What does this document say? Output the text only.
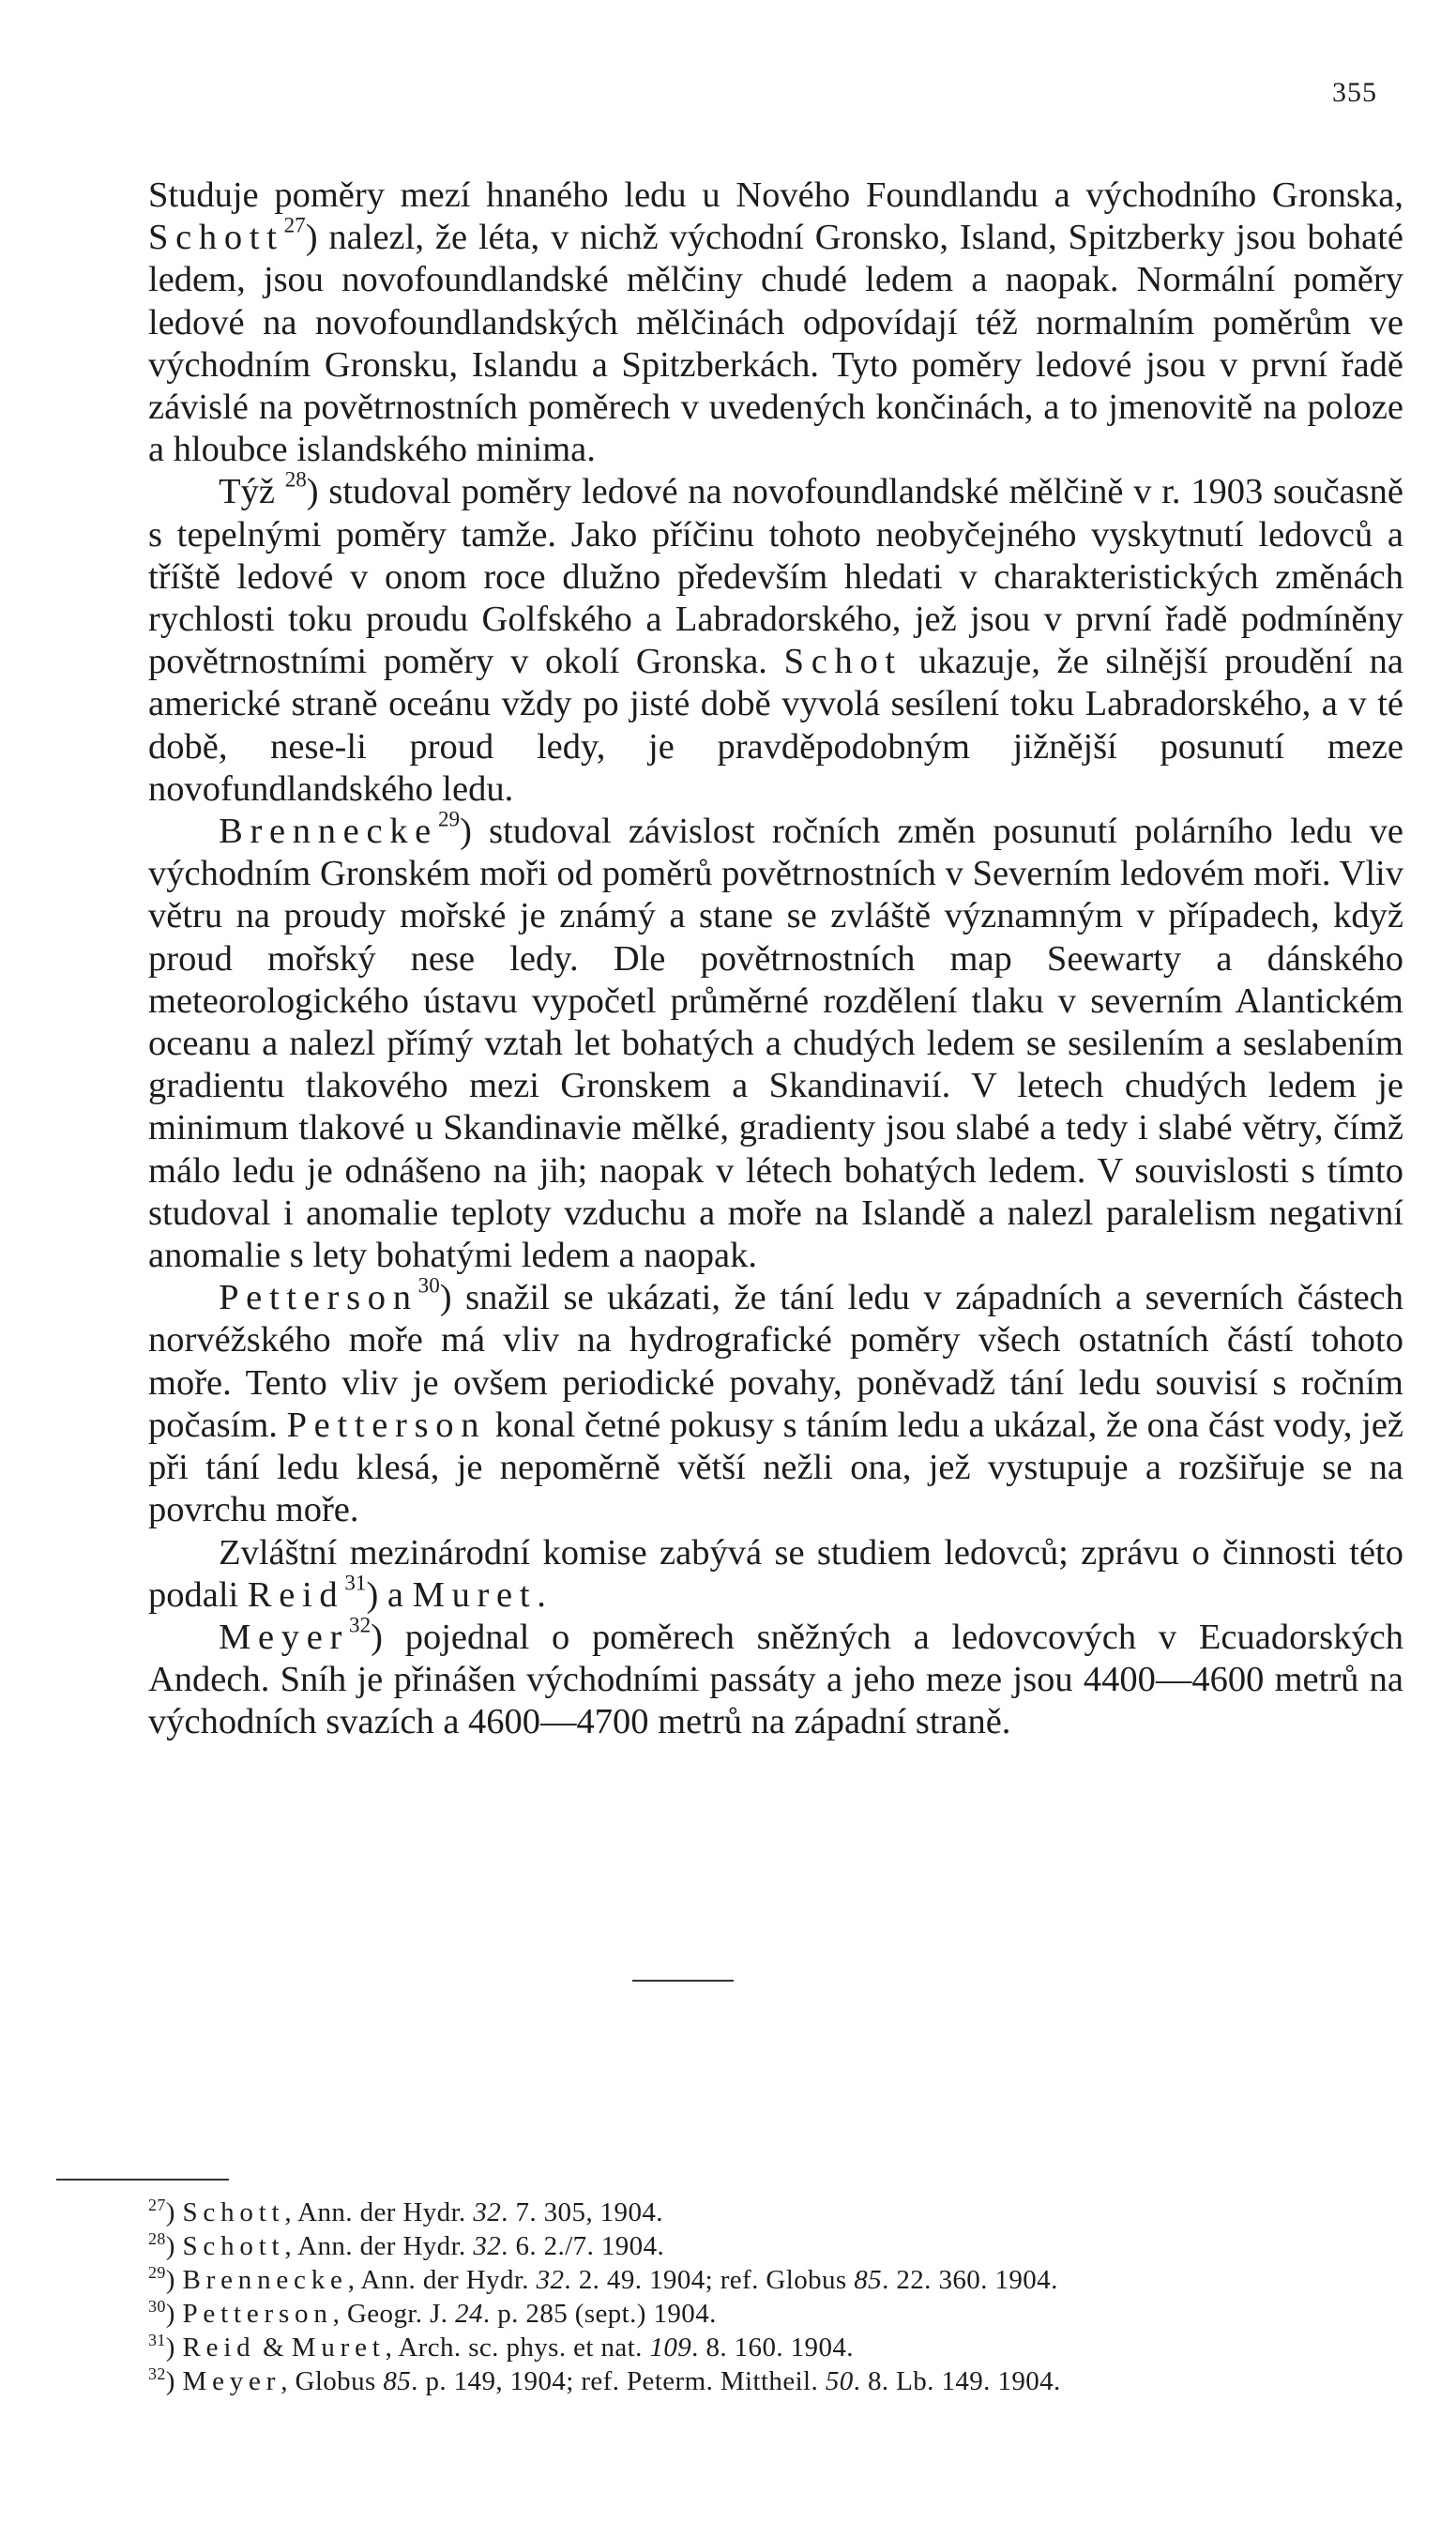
355

Studuje poměry mezí hnaného ledu u Nového Foundlandu a východního Gronska, Schott$^{27}$) nalezl, že léta, v nichž východní Gronsko, Island, Spitzberky jsou bohaté ledem, jsou novofoundlandské mělčiny chudé ledem a naopak. Normální poměry ledové na novofoundlandských mělčinách odpovídají též normalním poměrům ve východním Gronsku, Islandu a Spitzberkách. Tyto poměry ledové jsou v první řadě závislé na povětrnostních poměrech v uvedených končinách, a to jmenovitě na poloze a hloubce islandského minima.

Týž $^{28}$) studoval poměry ledové na novofoundlandské mělčině v r. 1903 současně s tepelnými poměry tamže. Jako příčinu tohoto neobyčejného vyskytnutí ledovců a tříště ledové v onom roce dlužno především hledati v charakteristických změnách rychlosti toku proudu Golfského a Labradorského, jež jsou v první řadě podmíněny povětrnostními poměry v okolí Gronska. Schot ukazuje, že silnější proudění na americké straně oceánu vždy po jisté době vyvolá sesílení toku Labradorského, a v té době, nese-li proud ledy, je pravděpodobným jižnější posunutí meze novofundlandského ledu.

Brennecke$^{29}$) studoval závislost ročních změn posunutí polárního ledu ve východním Gronském moři od poměrů povětrnostních v Severním ledovém moři. Vliv větru na proudy mořské je známý a stane se zvláště významným v případech, když proud mořský nese ledy. Dle povětrnostních map Seewarty a dánského meteorologického ústavu vypočetl průměrné rozdělení tlaku v severním Alantickém oceanu a nalezl přímý vztah let bohatých a chudých ledem se sesilením a seslabením gradientu tlakového mezi Gronskem a Skandinavií. V letech chudých ledem je minimum tlakové u Skandinavie mělké, gradienty jsou slabé a tedy i slabé větry, čímž málo ledu je odnášeno na jih; naopak v létech bohatých ledem. V souvislosti s tímto studoval i anomalie teploty vzduchu a moře na Islandě a nalezl paralelism negativní anomalie s lety bohatými ledem a naopak.

Petterson$^{30}$) snažil se ukázati, že tání ledu v západních a severních částech norvéžského moře má vliv na hydrografické poměry všech ostatních částí tohoto moře. Tento vliv je ovšem periodické povahy, poněvadž tání ledu souvisí s ročním počasím. Petterson konal četné pokusy s táním ledu a ukázal, že ona část vody, jež při tání ledu klesá, je nepoměrně větší nežli ona, jež vystupuje a rozšiřuje se na povrchu moře.

Zvláštní mezinárodní komise zabývá se studiem ledovců; zprávu o činnosti této podali Reid$^{31}$) a Muret.

Meyer$^{32}$) pojednal o poměrech sněžných a ledovcových v Ecuadorských Andech. Sníh je přinášen východními passáty a jeho meze jsou 4400—4600 metrů na východních svazích a 4600—4700 metrů na západní straně.

$^{27}$) Schott, Ann. der Hydr. 32. 7. 305, 1904.
$^{28}$) Schott, Ann. der Hydr. 32. 6. 2./7. 1904.
$^{29}$) Brennecke, Ann. der Hydr. 32. 2. 49. 1904; ref. Globus 85. 22. 360. 1904.
$^{30}$) Petterson, Geogr. J. 24. p. 285 (sept.) 1904.
$^{31}$) Reid & Muret, Arch. sc. phys. et nat. 109. 8. 160. 1904.
$^{32}$) Meyer, Globus 85. p. 149, 1904; ref. Peterm. Mittheil. 50. 8. Lb. 149. 1904.
